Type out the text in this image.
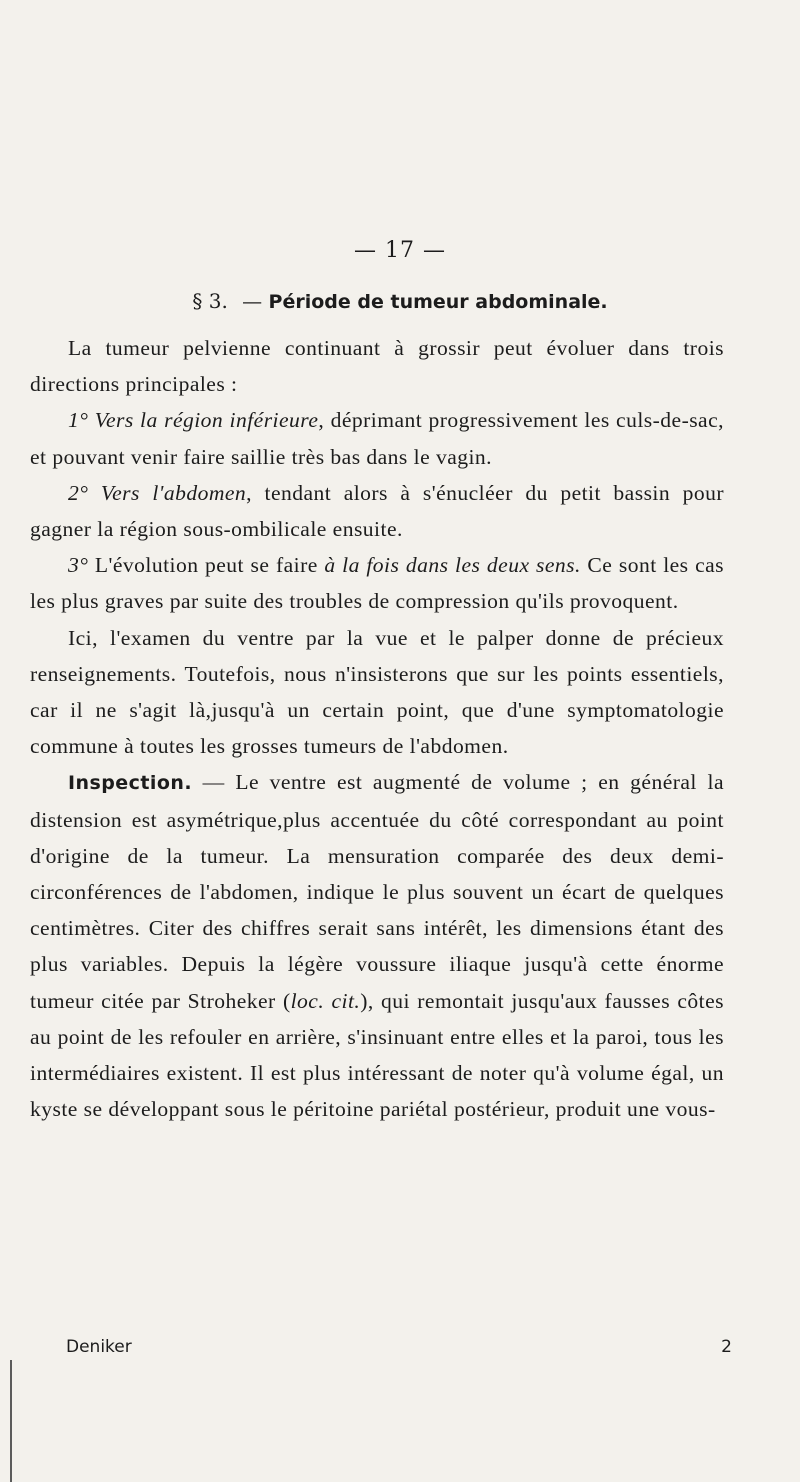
— 17 —
§ 3. — Période de tumeur abdominale.

La tumeur pelvienne continuant à grossir peut évoluer dans trois directions principales :

1° Vers la région inférieure, déprimant progressivement les culs-de-sac, et pouvant venir faire saillie très bas dans le vagin.

2° Vers l'abdomen, tendant alors à s'énucléer du petit bassin pour gagner la région sous-ombilicale ensuite.

3° L'évolution peut se faire à la fois dans les deux sens. Ce sont les cas les plus graves par suite des troubles de compression qu'ils provoquent.

Ici, l'examen du ventre par la vue et le palper donne de précieux renseignements. Toutefois, nous n'insisterons que sur les points essentiels, car il ne s'agit là,jusqu'à un certain point, que d'une symptomatologie commune à toutes les grosses tumeurs de l'abdomen.

Inspection. — Le ventre est augmenté de volume ; en général la distension est asymétrique,plus accentuée du côté correspondant au point d'origine de la tumeur. La mensuration comparée des deux demi-circonférences de l'abdomen, indique le plus souvent un écart de quelques centimètres. Citer des chiffres serait sans intérêt, les dimensions étant des plus variables. Depuis la légère voussure iliaque jusqu'à cette énorme tumeur citée par Stroheker (loc. cit.), qui remontait jusqu'aux fausses côtes au point de les refouler en arrière, s'insinuant entre elles et la paroi, tous les intermédiaires existent. Il est plus intéressant de noter qu'à volume égal, un kyste se développant sous le péritoine pariétal postérieur, produit une vous-

Deniker	2
